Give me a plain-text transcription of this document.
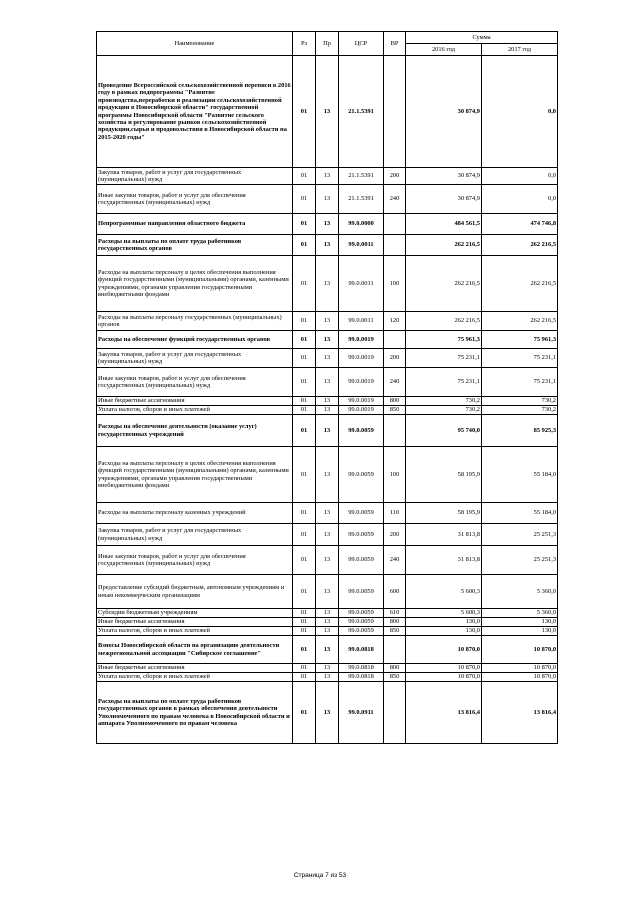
Наименование	Рз	Пр	ЦСР	ВР	Сумма	
					2016 год	2017 год
Проведение Всероссийской сельскохозяйственной переписи в 2016 году в рамках подпрограммы "Развитие производства,переработки и реализации сельскохозяйственной продукции в Новосибирской области" государственной программы Новосибирской области "Развитие сельского хозяйства и регулирование рынков сельскохозяйственной продукции,сырья и продовольствия в Новосибирской области на 2015-2020 годы"	01	13	21.1.5391		30 874,9	0,0
Закупка товаров, работ и услуг для государственных (муниципальных) нужд	01	13	21.1.5391	200	30 874,9	0,0
Иные закупки товаров, работ и услуг для обеспечения государственных (муниципальных) нужд	01	13	21.1.5391	240	30 874,9	0,0
Непрограммные направления областного бюджета	01	13	99.0.0000		484 561,5	474 746,8
Расходы на выплаты по оплате труда работников государственных органов	01	13	99.0.0011		262 216,5	262 216,5
Расходы на выплаты персоналу в целях обеспечения выполнения функций государственными (муниципальными) органами, казенными учреждениями, органами управления государственными внебюджетными фондами	01	13	99.0.0011	100	262 216,5	262 216,5
Расходы на выплаты персоналу государственных (муниципальных) органов	01	13	99.0.0011	120	262 216,5	262 216,5
Расходы на обеспечение функций государственных органов	01	13	99.0.0019		75 961,3	75 961,3
Закупка товаров, работ и услуг для государственных (муниципальных) нужд	01	13	99.0.0019	200	75 231,1	75 231,1
Иные закупки товаров, работ и услуг для обеспечения государственных (муниципальных) нужд	01	13	99.0.0019	240	75 231,1	75 231,1
Иные бюджетные ассигнования	01	13	99.0.0019	800	730,2	730,2
Уплата налогов, сборов и иных платежей	01	13	99.0.0019	850	730,2	730,2
Расходы на обеспечение деятельности (оказание услуг) государственных учреждений	01	13	99.0.0059		95 740,0	85 925,3
Расходы на выплаты персоналу в целях обеспечения выполнения функций государственными (муниципальными) органами, казенными учреждениями, органами управления государственными внебюджетными фондами	01	13	99.0.0059	100	58 195,9	55 184,0
Расходы на выплаты персоналу казенных учреждений	01	13	99.0.0059	110	58 195,9	55 184,0
Закупка товаров, работ и услуг для государственных (муниципальных) нужд	01	13	99.0.0059	200	31 813,8	25 251,3
Иные закупки товаров, работ и услуг для обеспечения государственных (муниципальных) нужд	01	13	99.0.0059	240	31 813,8	25 251,3
Предоставление субсидий бюджетным, автономным учреждениям и иным некоммерческим организациям	01	13	99.0.0059	600	5 600,3	5 360,0
Субсидии бюджетным учреждениям	01	13	99.0.0059	610	5 600,3	5 360,0
Иные бюджетные ассигнования	01	13	99.0.0059	800	130,0	130,0
Уплата налогов, сборов и иных платежей	01	13	99.0.0059	850	130,0	130,0
Взносы Новосибирской области на организацию деятельности межрегиональной ассоциации "Сибирское соглашение"	01	13	99.0.0818		10 870,0	10 870,0
Иные бюджетные ассигнования	01	13	99.0.0818	800	10 870,0	10 870,0
Уплата налогов, сборов и иных платежей	01	13	99.0.0818	850	10 870,0	10 870,0
Расходы на выплаты по оплате труда работников государственных органов в рамках обеспечения деятельности Уполномоченного по правам человека в Новосибирской области и аппарата Уполномоченного по правам человека	01	13	99.0.0911		13 816,4	13 816,4
Страница 7 из 53
